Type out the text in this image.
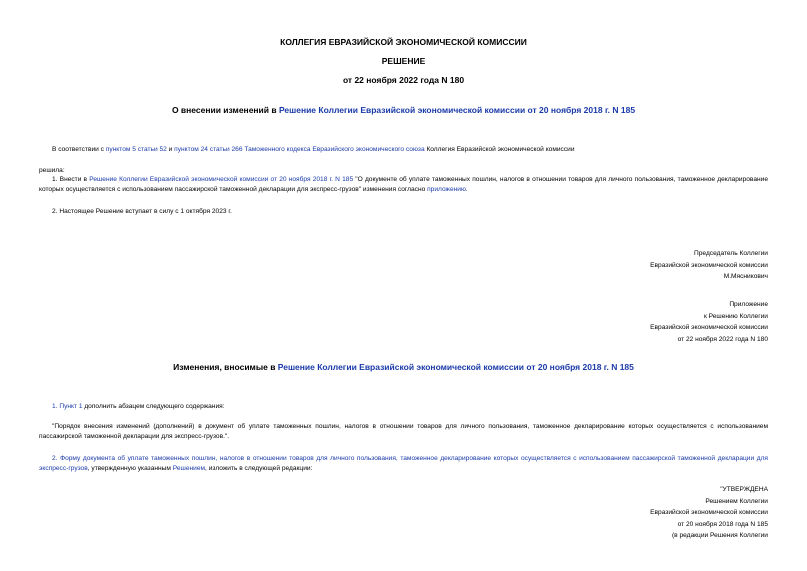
КОЛЛЕГИЯ ЕВРАЗИЙСКОЙ ЭКОНОМИЧЕСКОЙ КОМИССИИ
РЕШЕНИЕ
от 22 ноября 2022 года N 180
О внесении изменений в Решение Коллегии Евразийской экономической комиссии от 20 ноября 2018 г. N 185
В соответствии с пунктом 5 статьи 52 и пунктом 24 статьи 266 Таможенного кодекса Евразийского экономического союза Коллегия Евразийской экономической комиссии
решила:
1. Внести в Решение Коллегии Евразийской экономической комиссии от 20 ноября 2018 г. N 185 "О документе об уплате таможенных пошлин, налогов в отношении товаров для личного пользования, таможенное декларирование которых осуществляется с использованием пассажирской таможенной декларации для экспресс-грузов" изменения согласно приложению.
2. Настоящее Решение вступает в силу с 1 октября 2023 г.
Председатель Коллегии
Евразийской экономической комиссии
М.Мясникович
Приложение
к Решению Коллегии
Евразийской экономической комиссии
от 22 ноября 2022 года N 180
Изменения, вносимые в Решение Коллегии Евразийской экономической комиссии от 20 ноября 2018 г. N 185
1. Пункт 1 дополнить абзацем следующего содержания:
"Порядок внесения изменений (дополнений) в документ об уплате таможенных пошлин, налогов в отношении товаров для личного пользования, таможенное декларирование которых осуществляется с использованием пассажирской таможенной декларации для экспресс-грузов.".
2. Форму документа об уплате таможенных пошлин, налогов в отношении товаров для личного пользования, таможенное декларирование которых осуществляется с использованием пассажирской таможенной декларации для экспресс-грузов, утвержденную указанным Решением, изложить в следующей редакции:
"УТВЕРЖДЕНА
Решением Коллегии
Евразийской экономической комиссии
от 20 ноября 2018 года N 185
(в редакции Решения Коллегии
